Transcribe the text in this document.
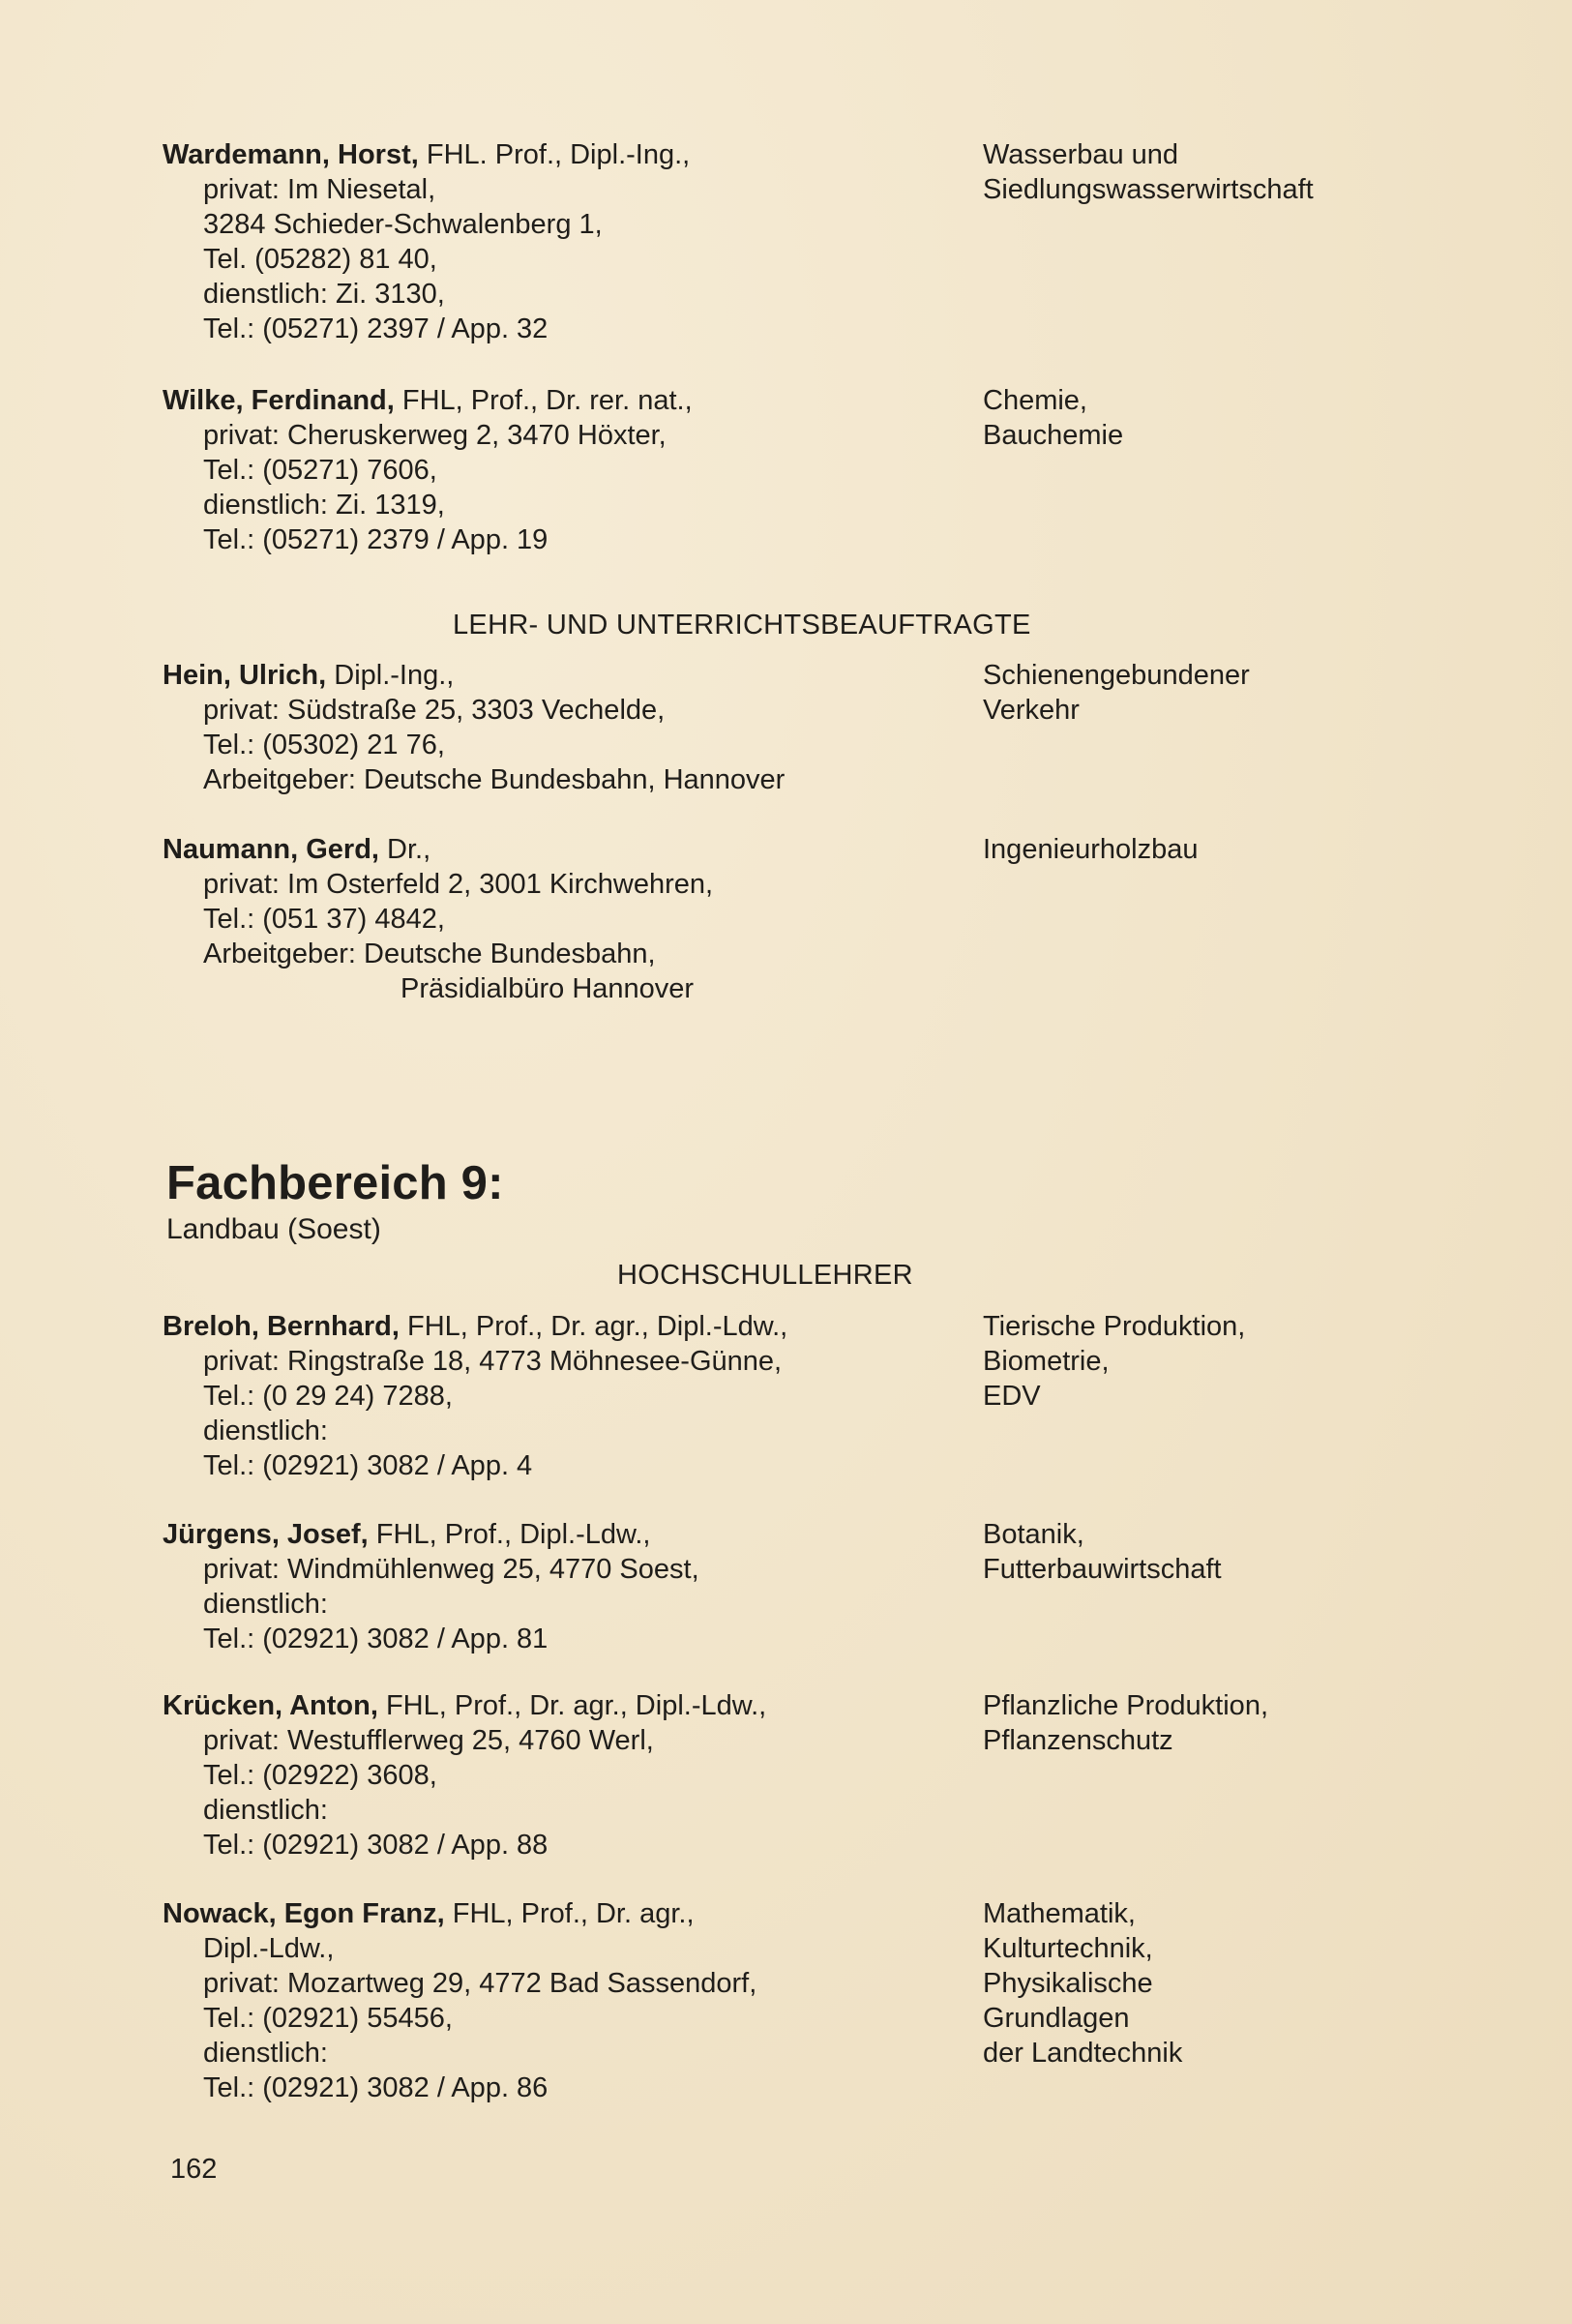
Wardemann, Horst, FHL. Prof., Dipl.-Ing.,
privat: Im Niesetal,
3284 Schieder-Schwalenberg 1,
Tel. (05282) 81 40,
dienstlich: Zi. 3130,
Tel.: (05271) 2397 / App. 32
Wasserbau und
Siedlungswasserwirtschaft
Wilke, Ferdinand, FHL, Prof., Dr. rer. nat.,
privat: Cheruskerweg 2, 3470 Höxter,
Tel.: (05271) 7606,
dienstlich: Zi. 1319,
Tel.: (05271) 2379 / App. 19
Chemie,
Bauchemie
LEHR- UND UNTERRICHTSBEAUFTRAGTE
Hein, Ulrich, Dipl.-Ing.,
privat: Südstraße 25, 3303 Vechelde,
Tel.: (05302) 21 76,
Arbeitgeber: Deutsche Bundesbahn, Hannover
Schienengebundener
Verkehr
Naumann, Gerd, Dr.,
privat: Im Osterfeld 2, 3001 Kirchwehren,
Tel.: (051 37) 4842,
Arbeitgeber: Deutsche Bundesbahn,
Präsidialbüro Hannover
Ingenieurholzbau
Fachbereich 9:
Landbau (Soest)
HOCHSCHULLEHRER
Breloh, Bernhard, FHL, Prof., Dr. agr., Dipl.-Ldw.,
privat: Ringstraße 18, 4773 Möhnesee-Günne,
Tel.: (0 29 24) 7288,
dienstlich:
Tel.: (02921) 3082 / App. 4
Tierische Produktion,
Biometrie,
EDV
Jürgens, Josef, FHL, Prof., Dipl.-Ldw.,
privat: Windmühlenweg 25, 4770 Soest,
dienstlich:
Tel.: (02921) 3082 / App. 81
Botanik,
Futterbauwirtschaft
Krücken, Anton, FHL, Prof., Dr. agr., Dipl.-Ldw.,
privat: Westufflerweg 25, 4760 Werl,
Tel.: (02922) 3608,
dienstlich:
Tel.: (02921) 3082 / App. 88
Pflanzliche Produktion,
Pflanzenschutz
Nowack, Egon Franz, FHL, Prof., Dr. agr.,
Dipl.-Ldw.,
privat: Mozartweg 29, 4772 Bad Sassendorf,
Tel.: (02921) 55456,
dienstlich:
Tel.: (02921) 3082 / App. 86
Mathematik,
Kulturtechnik,
Physikalische
Grundlagen
der Landtechnik
162
